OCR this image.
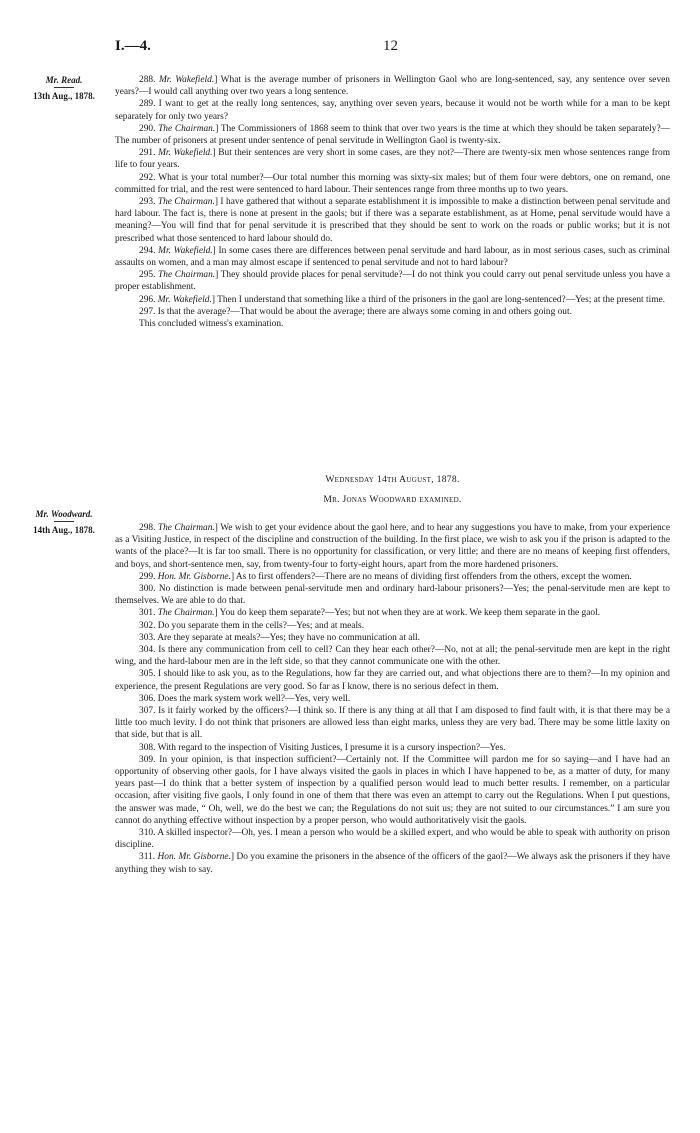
I.—4.	12
Mr. Read.
13th Aug., 1878.

288. Mr. Wakefield.] What is the average number of prisoners in Wellington Gaol who are long-sentenced, say, any sentence over seven years?—I would call anything over two years a long sentence.

289. I want to get at the really long sentences, say, anything over seven years, because it would not be worth while for a man to be kept separately for only two years?

290. The Chairman.] The Commissioners of 1868 seem to think that over two years is the time at which they should be taken separately?—The number of prisoners at present under sentence of penal servitude in Wellington Gaol is twenty-six.

291. Mr. Wakefield.] But their sentences are very short in some cases, are they not?—There are twenty-six men whose sentences range from life to four years.

292. What is your total number?—Our total number this morning was sixty-six males; but of them four were debtors, one on remand, one committed for trial, and the rest were sentenced to hard labour. Their sentences range from three months up to two years.

293. The Chairman.] I have gathered that without a separate establishment it is impossible to make a distinction between penal servitude and hard labour. The fact is, there is none at present in the gaols; but if there was a separate establishment, as at Home, penal servitude would have a meaning?—You will find that for penal servitude it is prescribed that they should be sent to work on the roads or public works; but it is not prescribed what those sentenced to hard labour should do.

294. Mr. Wakefield.] In some cases there are differences between penal servitude and hard labour, as in most serious cases, such as criminal assaults on women, and a man may almost escape if sentenced to penal servitude and not to hard labour?

295. The Chairman.] They should provide places for penal servitude?—I do not think you could carry out penal servitude unless you have a proper establishment.

296. Mr. Wakefield.] Then I understand that something like a third of the prisoners in the gaol are long-sentenced?—Yes; at the present time.

297. Is that the average?—That would be about the average; there are always some coming in and others going out.

This concluded witness's examination.

Wednesday 14th August, 1878.
Mr. Jonas Woodward examined.
Mr. Woodward.
14th Aug., 1878.	298. The Chairman.] We wish to get your evidence about the gaol here, and to hear any suggestions you have to make, from your experience as a Visiting Justice, in respect of the discipline and construction of the building. In the first place, we wish to ask you if the prison is adapted to the wants of the place?—It is far too small. There is no opportunity for classification, or very little; and there are no means of keeping first offenders, and boys, and short-sentence men, say, from twenty-four to forty-eight hours, apart from the more hardened prisoners.

299. Hon. Mr. Gisborne.] As to first offenders?—There are no means of dividing first offenders from the others, except the women.

300. No distinction is made between penal-servitude men and ordinary hard-labour prisoners?—Yes; the penal-servitude men are kept to themselves. We are able to do that.

301. The Chairman.] You do keep them separate?—Yes; but not when they are at work. We keep them separate in the gaol.

302. Do you separate them in the cells?—Yes; and at meals.

303. Are they separate at meals?—Yes; they have no communication at all.

304. Is there any communication from cell to cell? Can they hear each other?—No, not at all; the penal-servitude men are kept in the right wing, and the hard-labour men are in the left side, so that they cannot communicate one with the other.

305. I should like to ask you, as to the Regulations, how far they are carried out, and what objections there are to them?—In my opinion and experience, the present Regulations are very good. So far as I know, there is no serious defect in them.

306. Does the mark system work well?—Yes, very well.

307. Is it fairly worked by the officers?—I think so. If there is any thing at all that I am disposed to find fault with, it is that there may be a little too much levity. I do not think that prisoners are allowed less than eight marks, unless they are very bad. There may be some little laxity on that side, but that is all.

308. With regard to the inspection of Visiting Justices, I presume it is a cursory inspection?—Yes.

309. In your opinion, is that inspection sufficient?—Certainly not. If the Committee will pardon me for so saying—and I have had an opportunity of observing other gaols, for I have always visited the gaols in places in which I have happened to be, as a matter of duty, for many years past—I do think that a better system of inspection by a qualified person would lead to much better results. I remember, on a particular occasion, after visiting five gaols, I only found in one of them that there was even an attempt to carry out the Regulations. When I put questions, the answer was made, “ Oh, well, we do the best we can; the Regulations do not suit us; they are not suited to our circumstances.” I am sure you cannot do anything effective without inspection by a proper person, who would authoritatively visit the gaols.

310. A skilled inspector?—Oh, yes. I mean a person who would be a skilled expert, and who would be able to speak with authority on prison discipline.

311. Hon. Mr. Gisborne.] Do you examine the prisoners in the absence of the officers of the gaol?—We always ask the prisoners if they have anything they wish to say.
